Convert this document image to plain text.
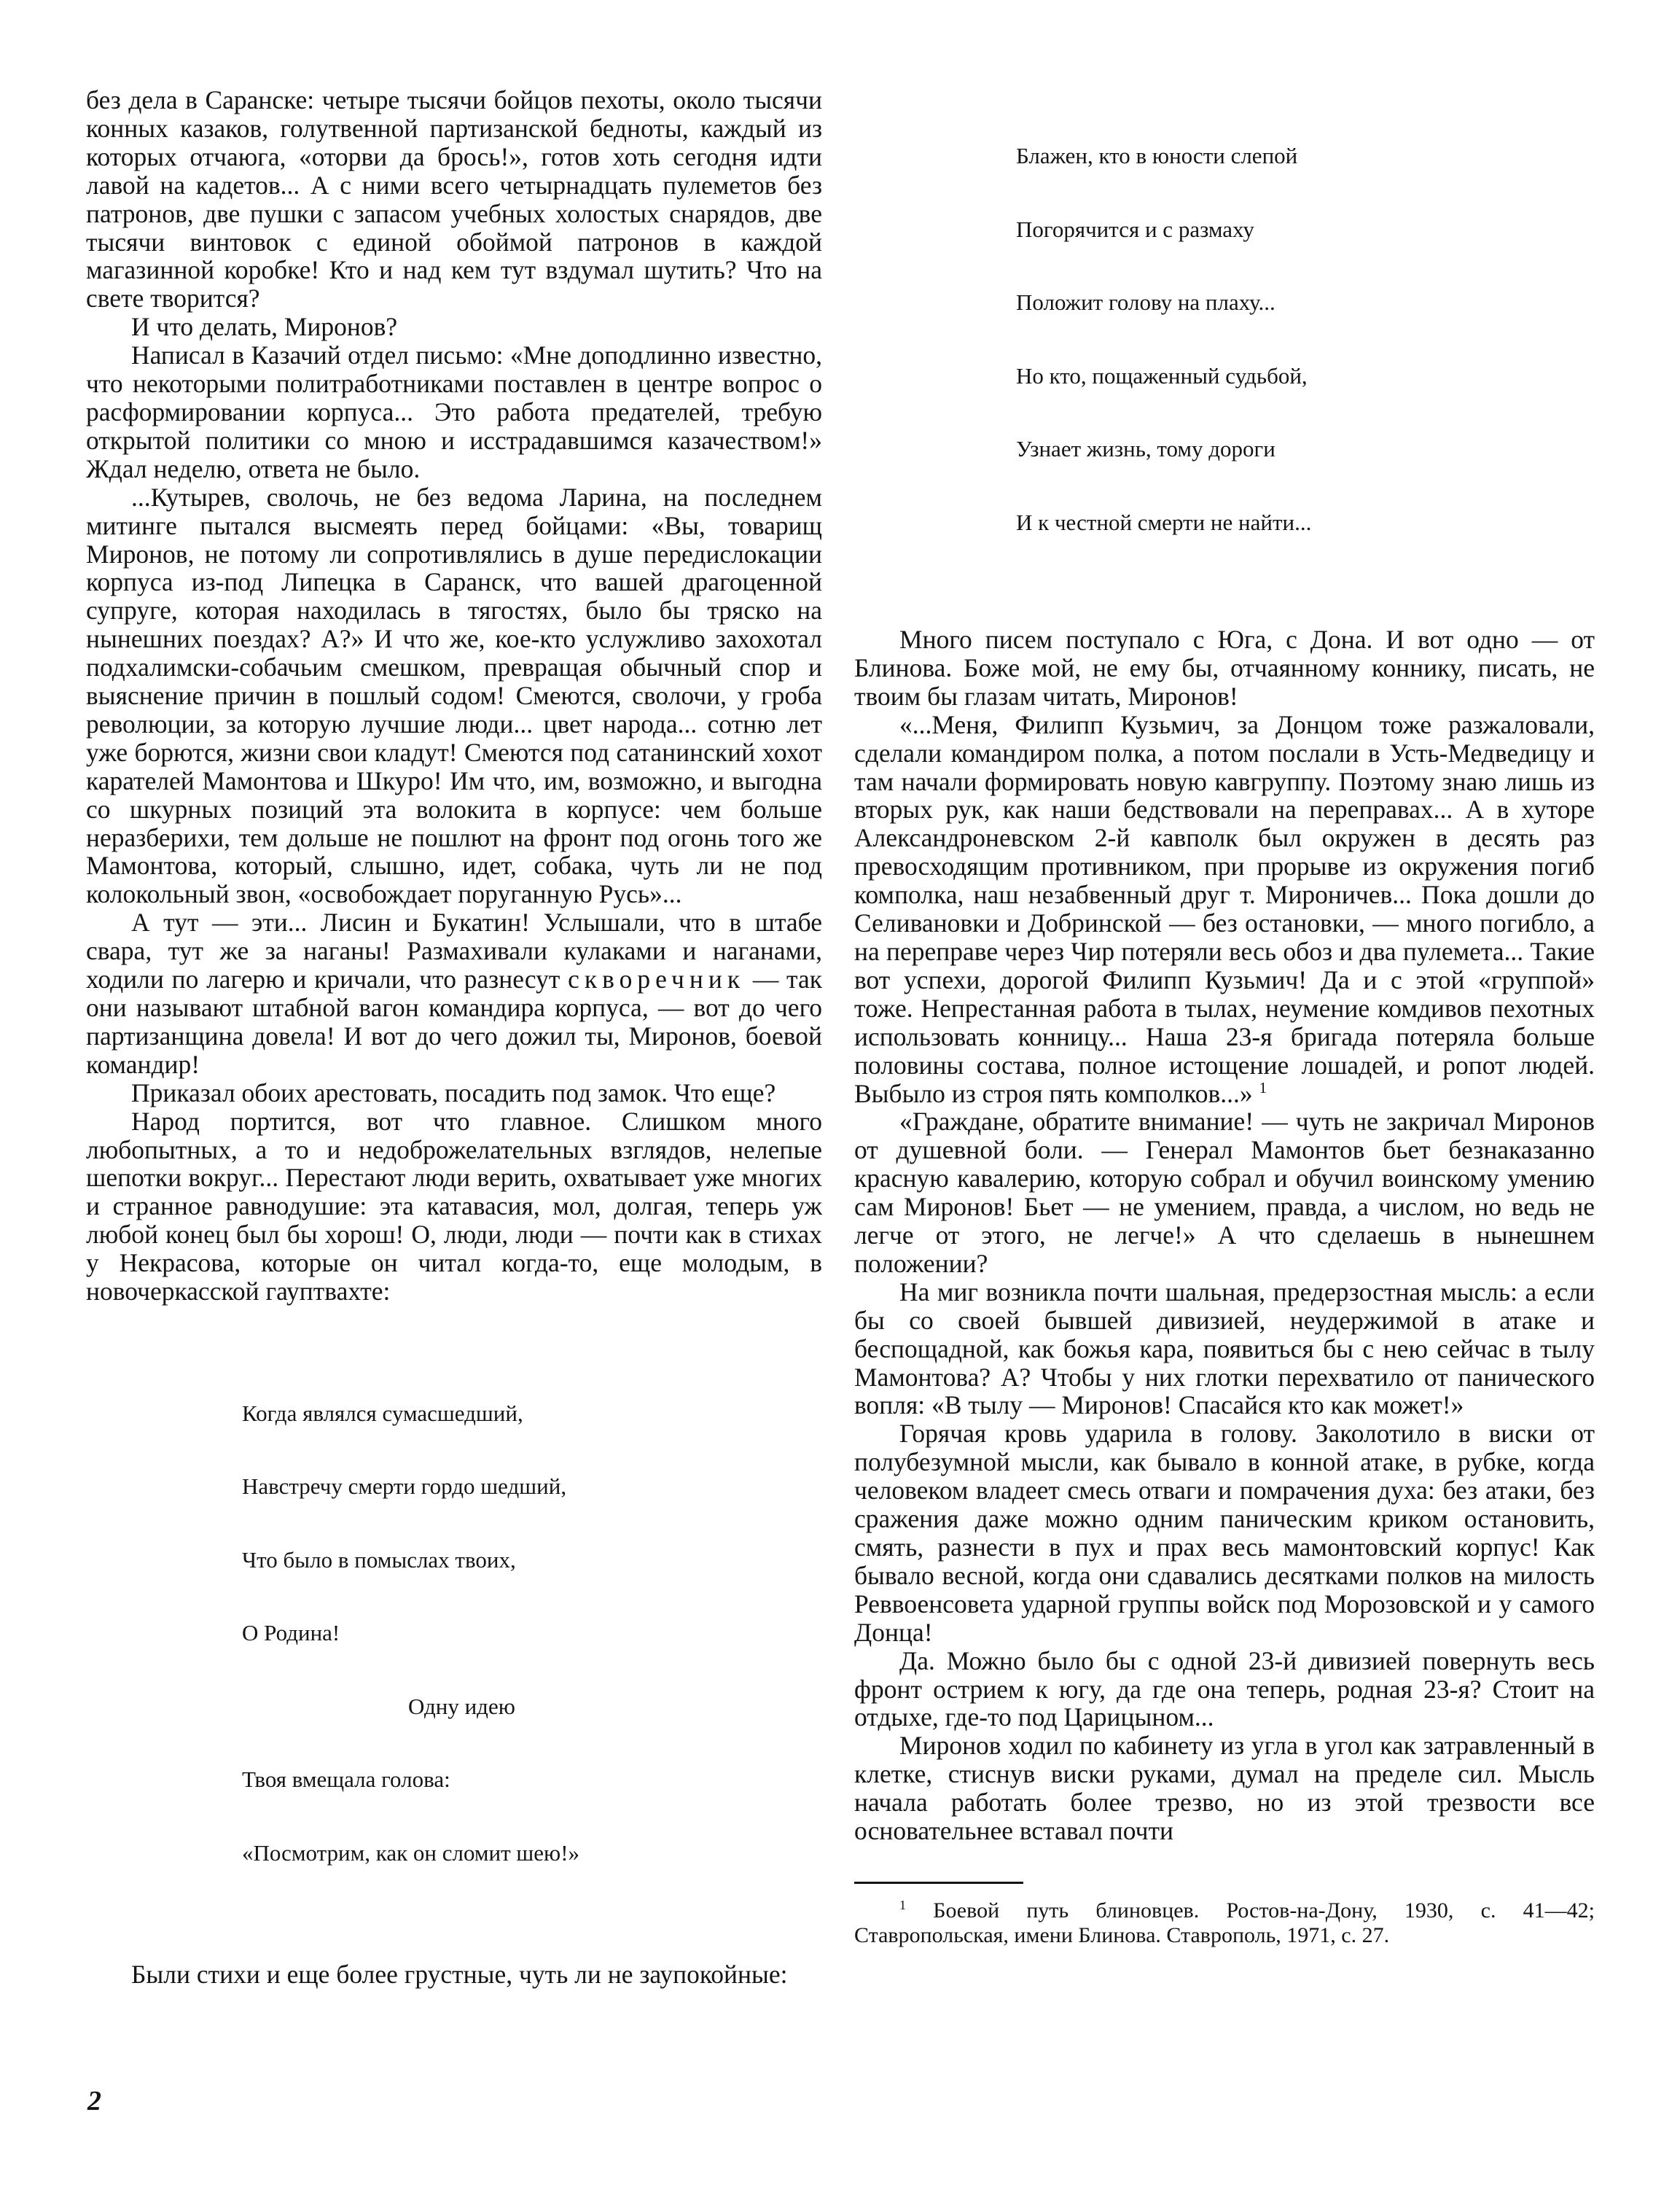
без дела в Саранске: четыре тысячи бойцов пехоты, около тысячи конных казаков, голутвенной партизанской бедноты, каждый из которых отчаюга, «оторви да брось!», готов хоть сегодня идти лавой на кадетов... А с ними всего четырнадцать пулеметов без патронов, две пушки с запасом учебных холостых снарядов, две тысячи винтовок с единой обоймой патронов в каждой магазинной коробке! Кто и над кем тут вздумал шутить? Что на свете творится?

И что делать, Миронов?

Написал в Казачий отдел письмо: «Мне доподлинно известно, что некоторыми политработниками поставлен в центре вопрос о расформировании корпуса... Это работа предателей, требую открытой политики со мною и исстрадавшимся казачеством!» Ждал неделю, ответа не было.

...Кутырев, сволочь, не без ведома Ларина, на последнем митинге пытался высмеять перед бойцами: «Вы, товарищ Миронов, не потому ли сопротивлялись в душе передислокации корпуса из-под Липецка в Саранск, что вашей драгоценной супруге, которая находилась в тягостях, было бы тряско на нынешних поездах? А?» И что же, кое-кто услужливо захохотал подхалимски-собачьим смешком, превращая обычный спор и выяснение причин в пошлый содом! Смеются, сволочи, у гроба революции, за которую лучшие люди... цвет народа... сотню лет уже борются, жизни свои кладут! Смеются под сатанинский хохот карателей Мамонтова и Шкуро! Им что, им, возможно, и выгодна со шкурных позиций эта волокита в корпусе: чем больше неразберихи, тем дольше не пошлют на фронт под огонь того же Мамонтова, который, слышно, идет, собака, чуть ли не под колокольный звон, «освобождает поруганную Русь»...

А тут — эти... Лисин и Букатин! Услышали, что в штабе свара, тут же за наганы! Размахивали кулаками и наганами, ходили по лагерю и кричали, что разнесут скворечник — так они называют штабной вагон командира корпуса, — вот до чего партизанщина довела! И вот до чего дожил ты, Миронов, боевой командир!

Приказал обоих арестовать, посадить под замок. Что еще?

Народ портится, вот что главное. Слишком много любопытных, а то и недоброжелательных взглядов, нелепые шепотки вокруг... Перестают люди верить, охватывает уже многих и странное равнодушие: эта катавасия, мол, долгая, теперь уж любой конец был бы хорош! О, люди, люди — почти как в стихах у Некрасова, которые он читал когда-то, еще молодым, в новочеркасской гауптвахте:

Когда являлся сумасшедший,

Навстречу смерти гордо шедший,

Что было в помыслах твоих,

О Родина!

Одну идею

Твоя вмещала голова:

«Посмотрим, как он сломит шею!»

Были стихи и еще более грустные, чуть ли не заупокойные:

Блажен, кто в юности слепой

Погорячится и с размаху

Положит голову на плаху...

Но кто, пощаженный судьбой,

Узнает жизнь, тому дороги

И к честной смерти не найти...

Много писем поступало с Юга, с Дона. И вот одно — от Блинова. Боже мой, не ему бы, отчаянному коннику, писать, не твоим бы глазам читать, Миронов!

«...Меня, Филипп Кузьмич, за Донцом тоже разжаловали, сделали командиром полка, а потом послали в Усть-Медведицу и там начали формировать новую кавгруппу. Поэтому знаю лишь из вторых рук, как наши бедствовали на переправах... А в хуторе Александроневском 2-й кавполк был окружен в десять раз превосходящим противником, при прорыве из окружения погиб комполка, наш незабвенный друг т. Мироничев... Пока дошли до Селивановки и Добринской — без остановки, — много погибло, а на переправе через Чир потеряли весь обоз и два пулемета... Такие вот успехи, дорогой Филипп Кузьмич! Да и с этой «группой» тоже. Непрестанная работа в тылах, неумение комдивов пехотных использовать конницу... Наша 23-я бригада потеряла больше половины состава, полное истощение лошадей, и ропот людей. Выбыло из строя пять комполков...» $^1$

«Граждане, обратите внимание! — чуть не закричал Миронов от душевной боли. — Генерал Мамонтов бьет безнаказанно красную кавалерию, которую собрал и обучил воинскому умению сам Миронов! Бьет — не умением, правда, а числом, но ведь не легче от этого, не легче!» А что сделаешь в нынешнем положении?

На миг возникла почти шальная, предерзостная мысль: а если бы со своей бывшей дивизией, неудержимой в атаке и беспощадной, как божья кара, появиться бы с нею сейчас в тылу Мамонтова? А? Чтобы у них глотки перехватило от панического вопля: «В тылу — Миронов! Спасайся кто как может!»

Горячая кровь ударила в голову. Заколотило в виски от полубезумной мысли, как бывало в конной атаке, в рубке, когда человеком владеет смесь отваги и помрачения духа: без атаки, без сражения даже можно одним паническим криком остановить, смять, разнести в пух и прах весь мамонтовский корпус! Как бывало весной, когда они сдавались десятками полков на милость Реввоенсовета ударной группы войск под Морозовской и у самого Донца!

Да. Можно было бы с одной 23-й дивизией повернуть весь фронт острием к югу, да где она теперь, родная 23-я? Стоит на отдыхе, где-то под Царицыном...

Миронов ходил по кабинету из угла в угол как затравленный в клетке, стиснув виски руками, думал на пределе сил. Мысль начала работать более трезво, но из этой трезвости все основательнее вставал почти

$^1$ Боевой путь блиновцев. Ростов-на-Дону, 1930, с. 41—42; Ставропольская, имени Блинова. Ставрополь, 1971, с. 27.

2
